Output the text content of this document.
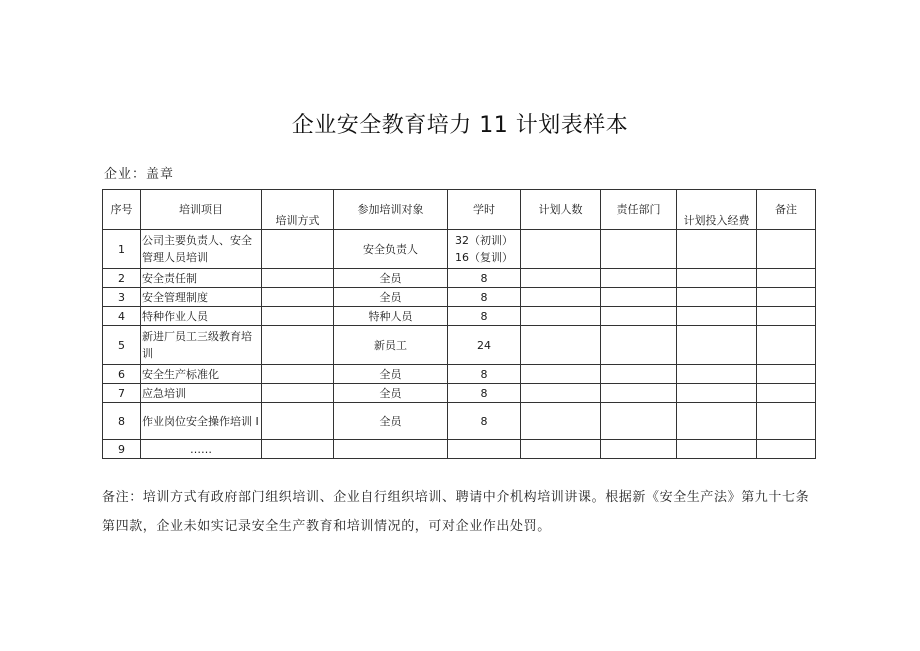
企业安全教育培力 11 计划表样本
企业：盖章
序号	培训项目	培训方式	参加培训对象	学时	计划人数	责任部门	计划投入经费	备注
1	公司主要负责人、安全管理人员培训		安全负责人	32（初训）
16（复训）				

2	安全责任制		全员	8				
3	安全管理制度		全员	8				
4	特种作业人员		特种人员	8				
5	新进厂员工三级教育培训		新员工	24				
6	安全生产标准化		全员	8				
7	应急培训		全员	8				
8	作业岗位安全操作培训 I		全员	8				
9	……							
备注：培训方式有政府部门组织培训、企业自行组织培训、聘请中介机构培训讲课。根据新《安全生产法》第九十七条第四款，企业未如实记录安全生产教育和培训情况的，可对企业作出处罚。
